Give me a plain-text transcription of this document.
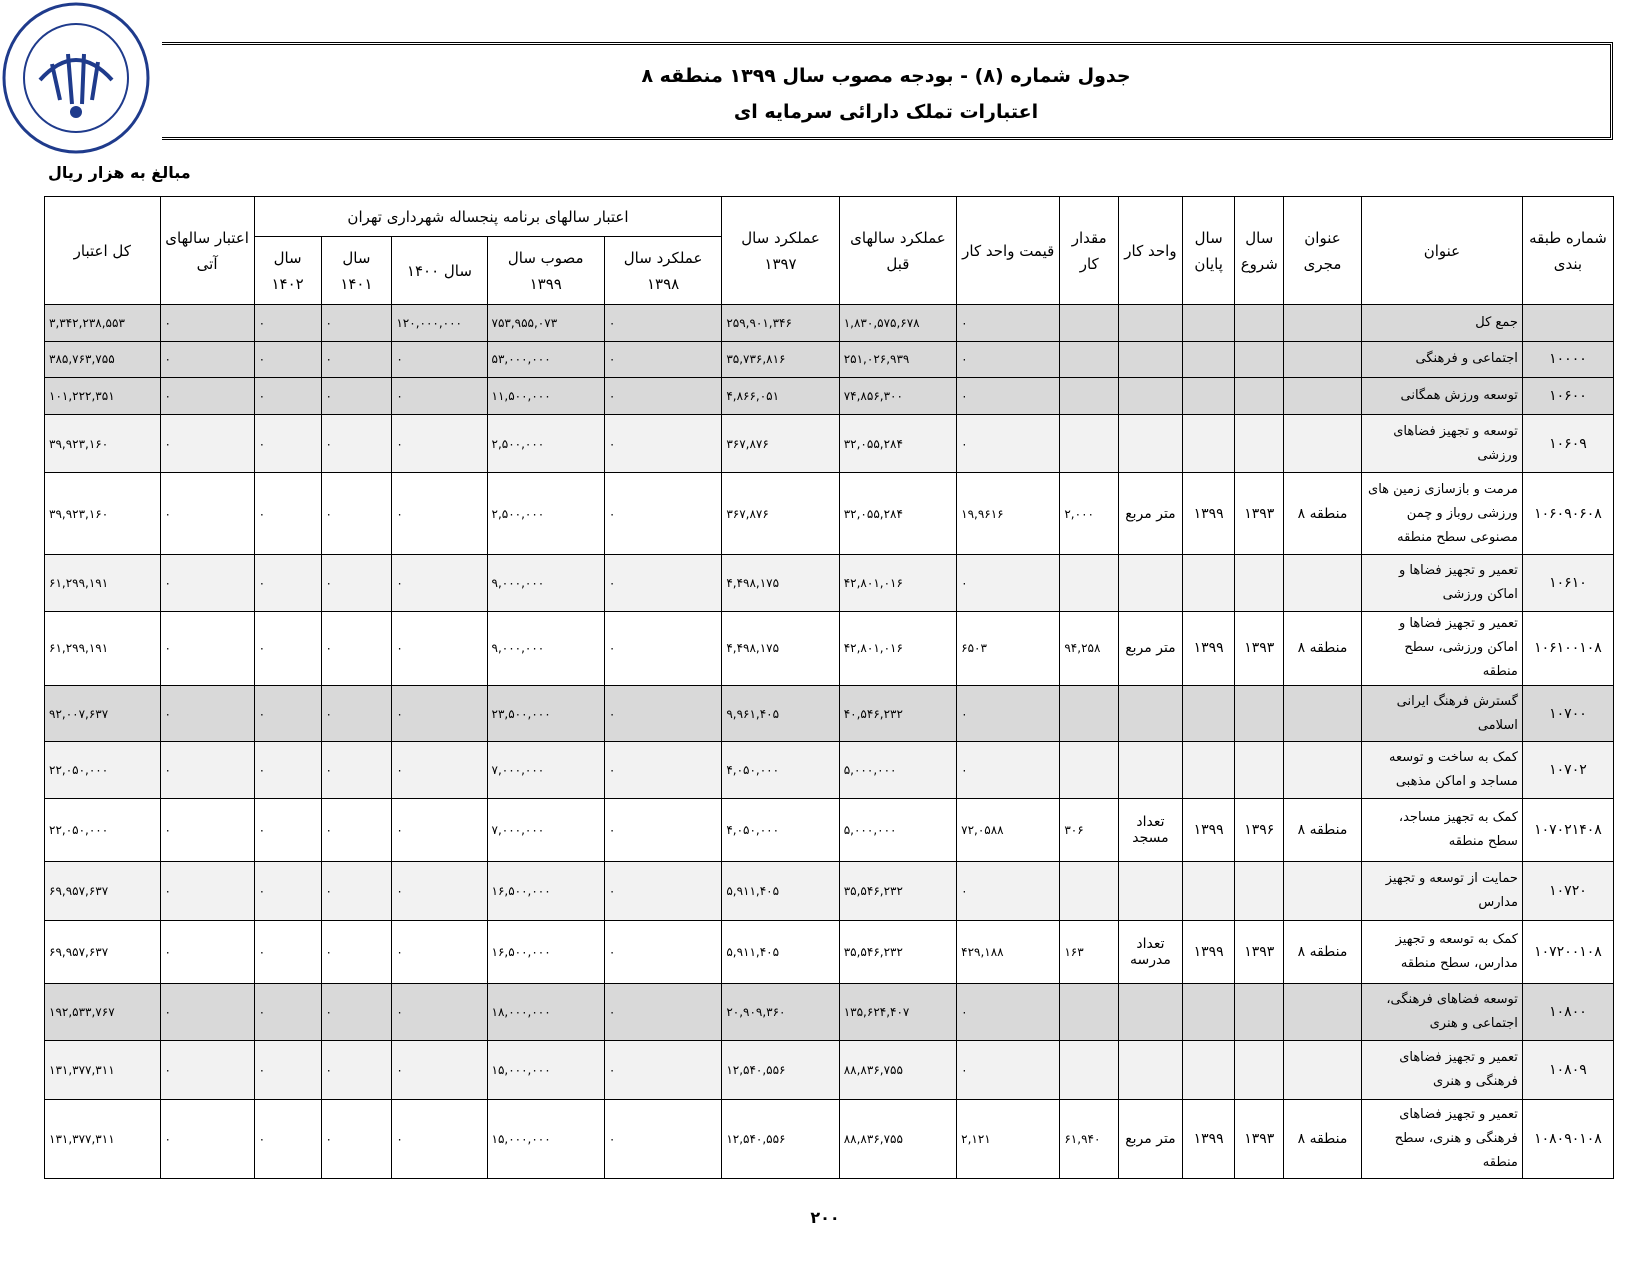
جدول شماره (۸) - بودجه مصوب سال ۱۳۹۹ منطقه ۸
اعتبارات تملک دارائی سرمایه ای
مبالغ به هزار ریال
شماره طبقه بندی	عنوان	عنوان مجری	سال شروع	سال پایان	واحد کار	مقدار کار	قیمت واحد کار	عملکرد سالهای قبل	عملکرد سال ۱۳۹۷	اعتبار سالهای برنامه پنجساله شهرداری تهران					اعتبار سالهای آتی	کل اعتبار
										عملکرد سال ۱۳۹۸	مصوب سال ۱۳۹۹	سال ۱۴۰۰	سال ۱۴۰۱	سال ۱۴۰۲		
	جمع کل						۰	۱,۸۳۰,۵۷۵,۶۷۸	۲۵۹,۹۰۱,۳۴۶	۰	۷۵۳,۹۵۵,۰۷۳	۱۲۰,۰۰۰,۰۰۰	۰	۰	۰	۳,۳۴۲,۲۳۸,۵۵۳
۱۰۰۰۰	اجتماعی و فرهنگی						۰	۲۵۱,۰۲۶,۹۳۹	۳۵,۷۳۶,۸۱۶	۰	۵۳,۰۰۰,۰۰۰	۰	۰	۰	۰	۳۸۵,۷۶۳,۷۵۵
۱۰۶۰۰	توسعه ورزش همگانی						۰	۷۴,۸۵۶,۳۰۰	۴,۸۶۶,۰۵۱	۰	۱۱,۵۰۰,۰۰۰	۰	۰	۰	۰	۱۰۱,۲۲۲,۳۵۱
۱۰۶۰۹	توسعه و تجهیز فضاهای ورزشی						۰	۳۲,۰۵۵,۲۸۴	۳۶۷,۸۷۶	۰	۲,۵۰۰,۰۰۰	۰	۰	۰	۰	۳۹,۹۲۳,۱۶۰
۱۰۶۰۹۰۶۰۸	مرمت و بازسازی زمین های ورزشی روباز و چمن مصنوعی سطح منطقه	منطقه ۸	۱۳۹۳	۱۳۹۹	متر مربع	۲,۰۰۰	۱۹,۹۶۱۶	۳۲,۰۵۵,۲۸۴	۳۶۷,۸۷۶	۰	۲,۵۰۰,۰۰۰	۰	۰	۰	۰	۳۹,۹۲۳,۱۶۰
۱۰۶۱۰	تعمیر و تجهیز فضاها و اماکن ورزشی						۰	۴۲,۸۰۱,۰۱۶	۴,۴۹۸,۱۷۵	۰	۹,۰۰۰,۰۰۰	۰	۰	۰	۰	۶۱,۲۹۹,۱۹۱
۱۰۶۱۰۰۱۰۸	تعمیر و تجهیز فضاها و اماکن ورزشی، سطح منطقه	منطقه ۸	۱۳۹۳	۱۳۹۹	متر مربع	۹۴,۲۵۸	۶۵۰۳	۴۲,۸۰۱,۰۱۶	۴,۴۹۸,۱۷۵	۰	۹,۰۰۰,۰۰۰	۰	۰	۰	۰	۶۱,۲۹۹,۱۹۱
۱۰۷۰۰	گسترش فرهنگ ایرانی اسلامی						۰	۴۰,۵۴۶,۲۳۲	۹,۹۶۱,۴۰۵	۰	۲۳,۵۰۰,۰۰۰	۰	۰	۰	۰	۹۲,۰۰۷,۶۳۷
۱۰۷۰۲	کمک به ساخت و توسعه مساجد و اماکن مذهبی						۰	۵,۰۰۰,۰۰۰	۴,۰۵۰,۰۰۰	۰	۷,۰۰۰,۰۰۰	۰	۰	۰	۰	۲۲,۰۵۰,۰۰۰
۱۰۷۰۲۱۴۰۸	کمک به تجهیز مساجد، سطح منطقه	منطقه ۸	۱۳۹۶	۱۳۹۹	تعداد مسجد	۳۰۶	۷۲,۰۵۸۸	۵,۰۰۰,۰۰۰	۴,۰۵۰,۰۰۰	۰	۷,۰۰۰,۰۰۰	۰	۰	۰	۰	۲۲,۰۵۰,۰۰۰
۱۰۷۲۰	حمایت از توسعه و تجهیز مدارس						۰	۳۵,۵۴۶,۲۳۲	۵,۹۱۱,۴۰۵	۰	۱۶,۵۰۰,۰۰۰	۰	۰	۰	۰	۶۹,۹۵۷,۶۳۷
۱۰۷۲۰۰۱۰۸	کمک به توسعه و تجهیز مدارس، سطح منطقه	منطقه ۸	۱۳۹۳	۱۳۹۹	تعداد مدرسه	۱۶۳	۴۲۹,۱۸۸	۳۵,۵۴۶,۲۳۲	۵,۹۱۱,۴۰۵	۰	۱۶,۵۰۰,۰۰۰	۰	۰	۰	۰	۶۹,۹۵۷,۶۳۷
۱۰۸۰۰	توسعه فضاهای فرهنگی، اجتماعی و هنری						۰	۱۳۵,۶۲۴,۴۰۷	۲۰,۹۰۹,۳۶۰	۰	۱۸,۰۰۰,۰۰۰	۰	۰	۰	۰	۱۹۲,۵۳۳,۷۶۷
۱۰۸۰۹	تعمیر و تجهیز فضاهای فرهنگی و هنری						۰	۸۸,۸۳۶,۷۵۵	۱۲,۵۴۰,۵۵۶	۰	۱۵,۰۰۰,۰۰۰	۰	۰	۰	۰	۱۳۱,۳۷۷,۳۱۱
۱۰۸۰۹۰۱۰۸	تعمیر و تجهیز فضاهای فرهنگی و هنری، سطح منطقه	منطقه ۸	۱۳۹۳	۱۳۹۹	متر مربع	۶۱,۹۴۰	۲,۱۲۱	۸۸,۸۳۶,۷۵۵	۱۲,۵۴۰,۵۵۶	۰	۱۵,۰۰۰,۰۰۰	۰	۰	۰	۰	۱۳۱,۳۷۷,۳۱۱
۲۰۰
